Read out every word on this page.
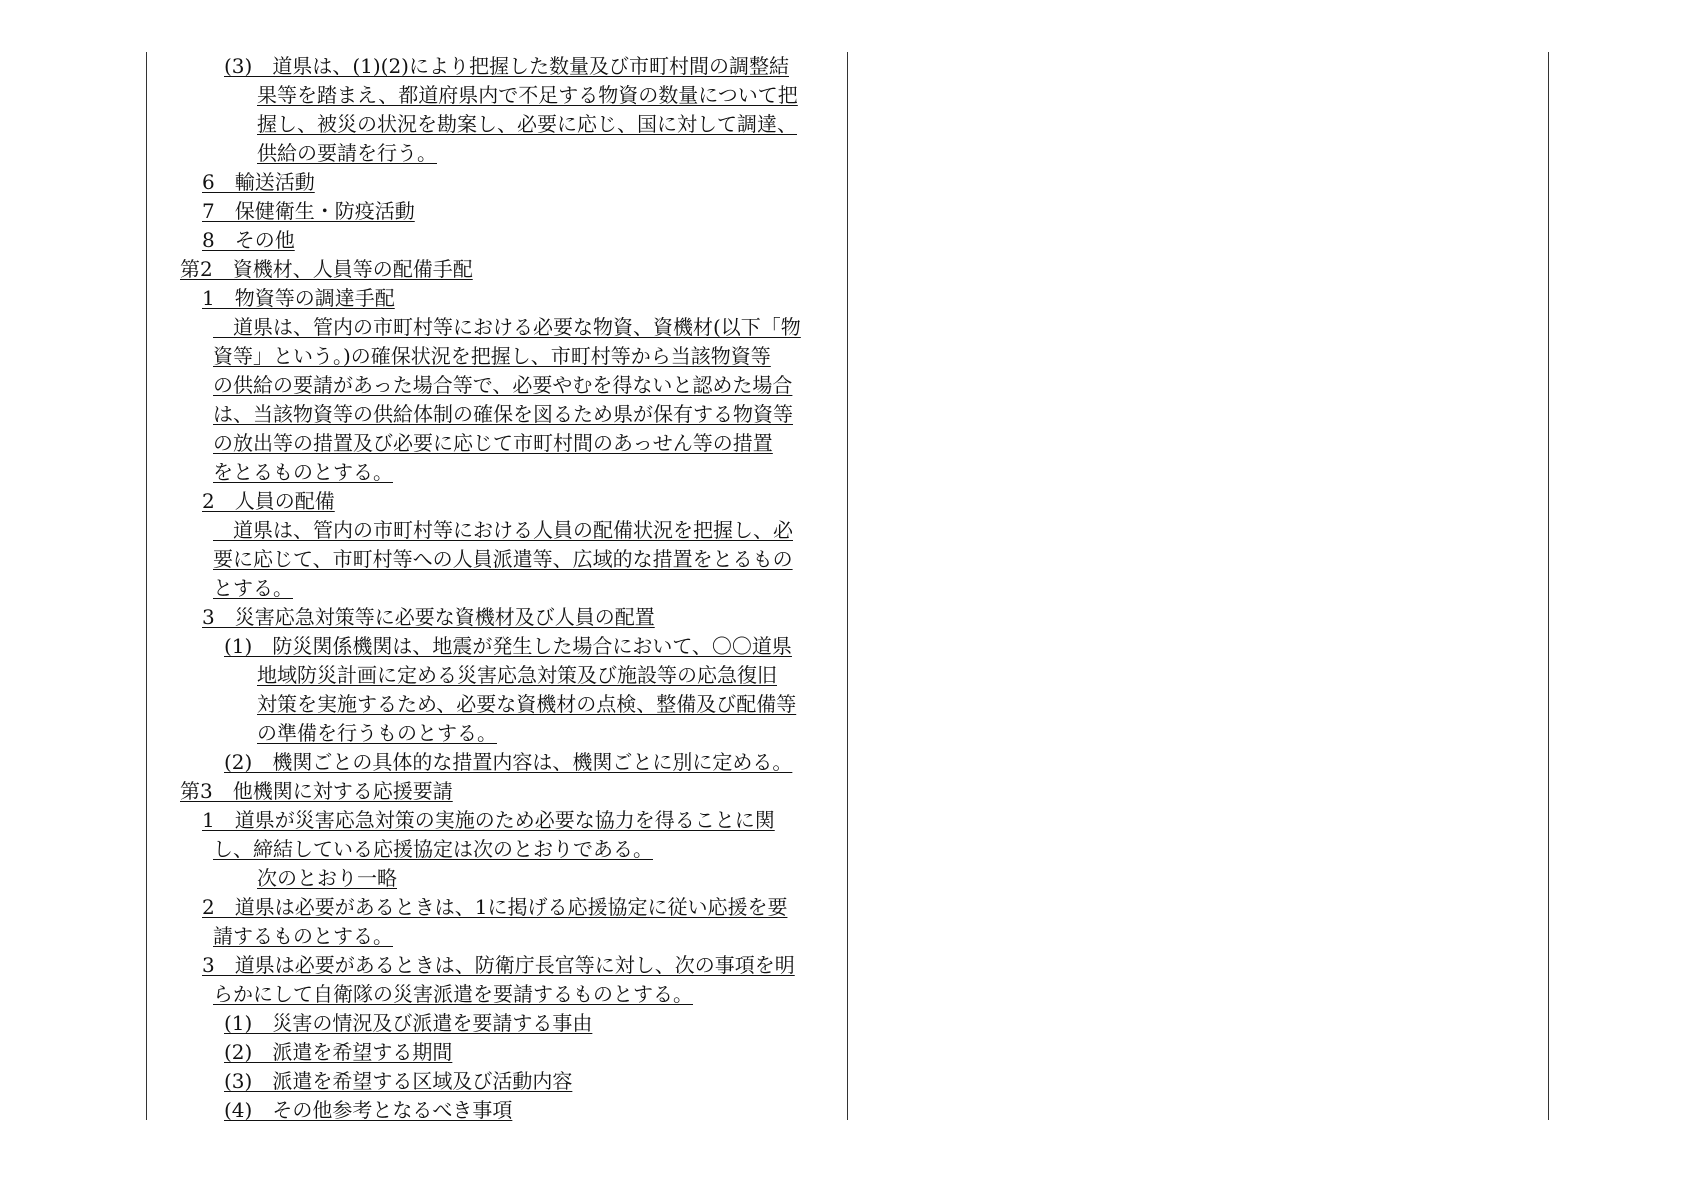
(3)　道県は、(1)(2)により把握した数量及び市町村間の調整結
果等を踏まえ、都道府県内で不足する物資の数量について把
握し、被災の状況を勘案し、必要に応じ、国に対して調達、
供給の要請を行う。
6　輸送活動
7　保健衛生・防疫活動
8　その他
第2　資機材、人員等の配備手配
1　物資等の調達手配
　道県は、管内の市町村等における必要な物資、資機材(以下「物
資等」という。)の確保状況を把握し、市町村等から当該物資等
の供給の要請があった場合等で、必要やむを得ないと認めた場合
は、当該物資等の供給体制の確保を図るため県が保有する物資等
の放出等の措置及び必要に応じて市町村間のあっせん等の措置
をとるものとする。
2　人員の配備
　道県は、管内の市町村等における人員の配備状況を把握し、必
要に応じて、市町村等への人員派遣等、広域的な措置をとるもの
とする。
3　災害応急対策等に必要な資機材及び人員の配置
(1)　防災関係機関は、地震が発生した場合において、〇〇道県
地域防災計画に定める災害応急対策及び施設等の応急復旧
対策を実施するため、必要な資機材の点検、整備及び配備等
の準備を行うものとする。
(2)　機関ごとの具体的な措置内容は、機関ごとに別に定める。
第3　他機関に対する応援要請
1　道県が災害応急対策の実施のため必要な協力を得ることに関
し、締結している応援協定は次のとおりである。
次のとおり一略
2　道県は必要があるときは、1に掲げる応援協定に従い応援を要
請するものとする。
3　道県は必要があるときは、防衛庁長官等に対し、次の事項を明
らかにして自衛隊の災害派遣を要請するものとする。
(1)　災害の情況及び派遣を要請する事由
(2)　派遣を希望する期間
(3)　派遣を希望する区域及び活動内容
(4)　その他参考となるべき事項
